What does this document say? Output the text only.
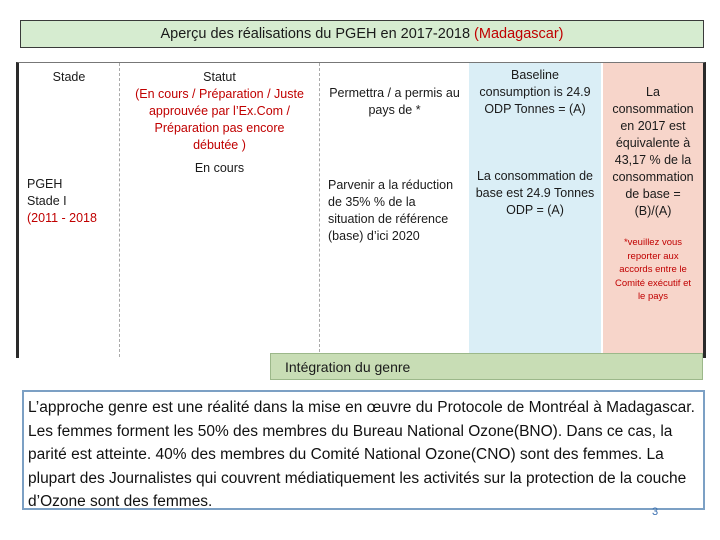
Aperçu des réalisations du PGEH en 2017-2018 (Madagascar)
Stade
PGEH
Stade I
(2011 - 2018
Statut
(En cours / Préparation / Juste approuvée par l’Ex.Com / Préparation pas encore débutée )
En cours
Permettra / a permis au pays de *
Parvenir a la réduction de 35% % de la situation de référence (base) d’ici 2020
Baseline consumption is 24.9 ODP Tonnes = (A)
La consommation de base est 24.9 Tonnes ODP = (A)
La consommation en 2017 est équivalente à 43,17 % de la consommation de base = (B)/(A)
*veuillez vous reporter aux accords entre le Comité exécutif et le pays
Intégration du genre
L’approche genre est une réalité dans la mise en œuvre du Protocole de Montréal à Madagascar. Les femmes forment les 50% des membres du Bureau National Ozone(BNO). Dans ce cas, la parité est atteinte. 40% des membres du Comité National Ozone(CNO) sont des femmes. La plupart des Journalistes qui couvrent médiatiquement les activités sur la protection de la couche d’Ozone sont des femmes.
3
